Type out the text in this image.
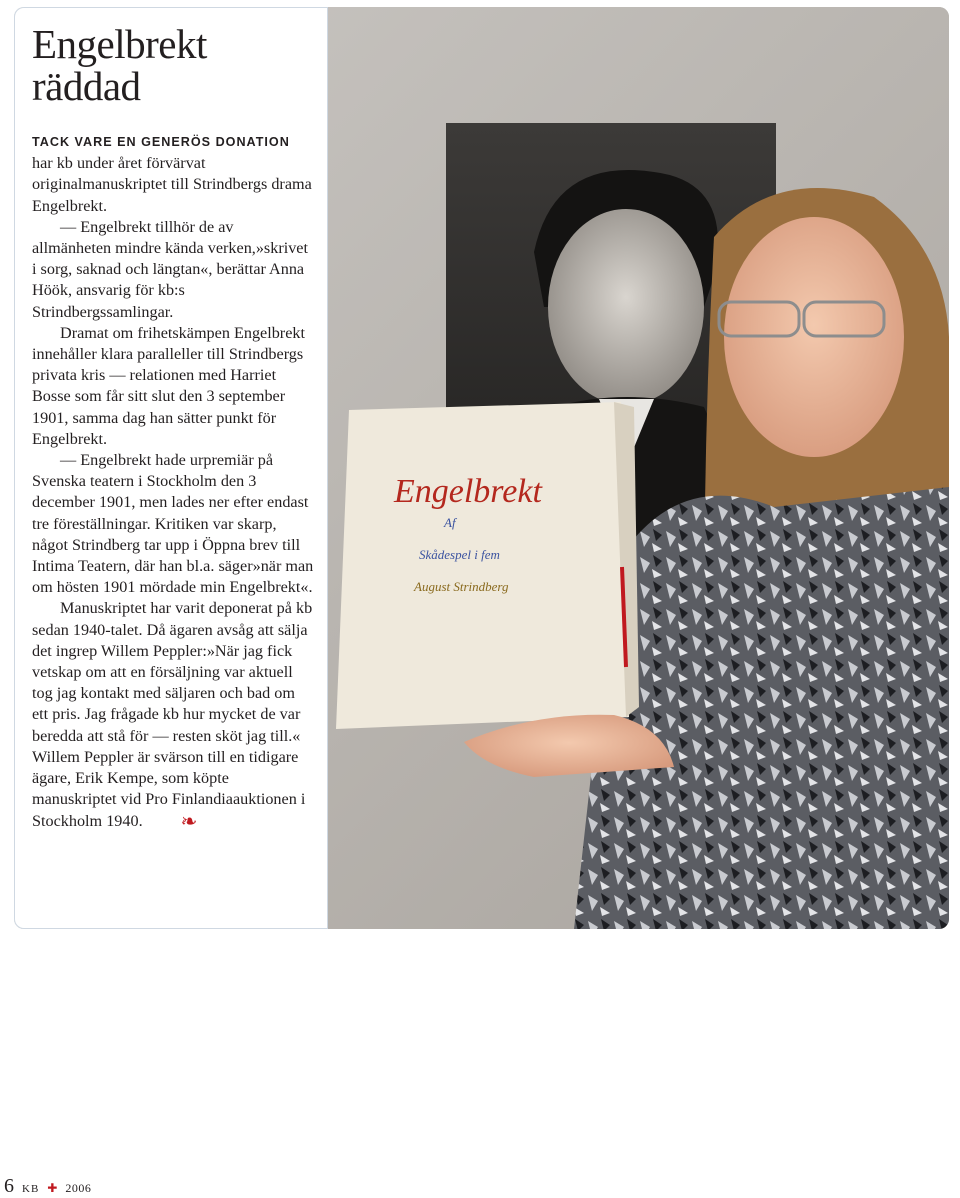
Engelbrekt
Af
Skådespel i fem
August Strindberg
Engelbrekt
räddad

TACK VARE EN GENERÖS DONATION
har kb under året förvärvat originalmanuskriptet till Strindbergs drama Engelbrekt.

— Engelbrekt tillhör de av allmänheten mindre kända verken,»skrivet i sorg, saknad och längtan«, berättar Anna Höök, ansvarig för kb:s Strindbergssamlingar.

Dramat om frihetskämpen Engelbrekt innehåller klara paralleller till Strindbergs privata kris — relationen med Harriet Bosse som får sitt slut den 3 september 1901, samma dag han sätter punkt för Engelbrekt.

— Engelbrekt hade urpremiär på Svenska teatern i Stockholm den 3 december 1901, men lades ner efter endast tre föreställningar. Kritiken var skarp, något Strindberg tar upp i Öppna brev till Intima Teatern, där han bl.a. säger»när man om hösten 1901 mördade min Engelbrekt«.

Manuskriptet har varit deponerat på kb sedan 1940-talet. Då ägaren avsåg att sälja det ingrep Willem Peppler:»När jag fick vetskap om att en försäljning var aktuell tog jag kontakt med säljaren och bad om ett pris. Jag frågade kb hur mycket de var beredda att stå för — resten sköt jag till.« Willem Peppler är svärson till en tidigare ägare, Erik Kempe, som köpte manuskriptet vid Pro Finlandiaauktionen i Stockholm 1940. ❧

6 KB ✚ 2006
